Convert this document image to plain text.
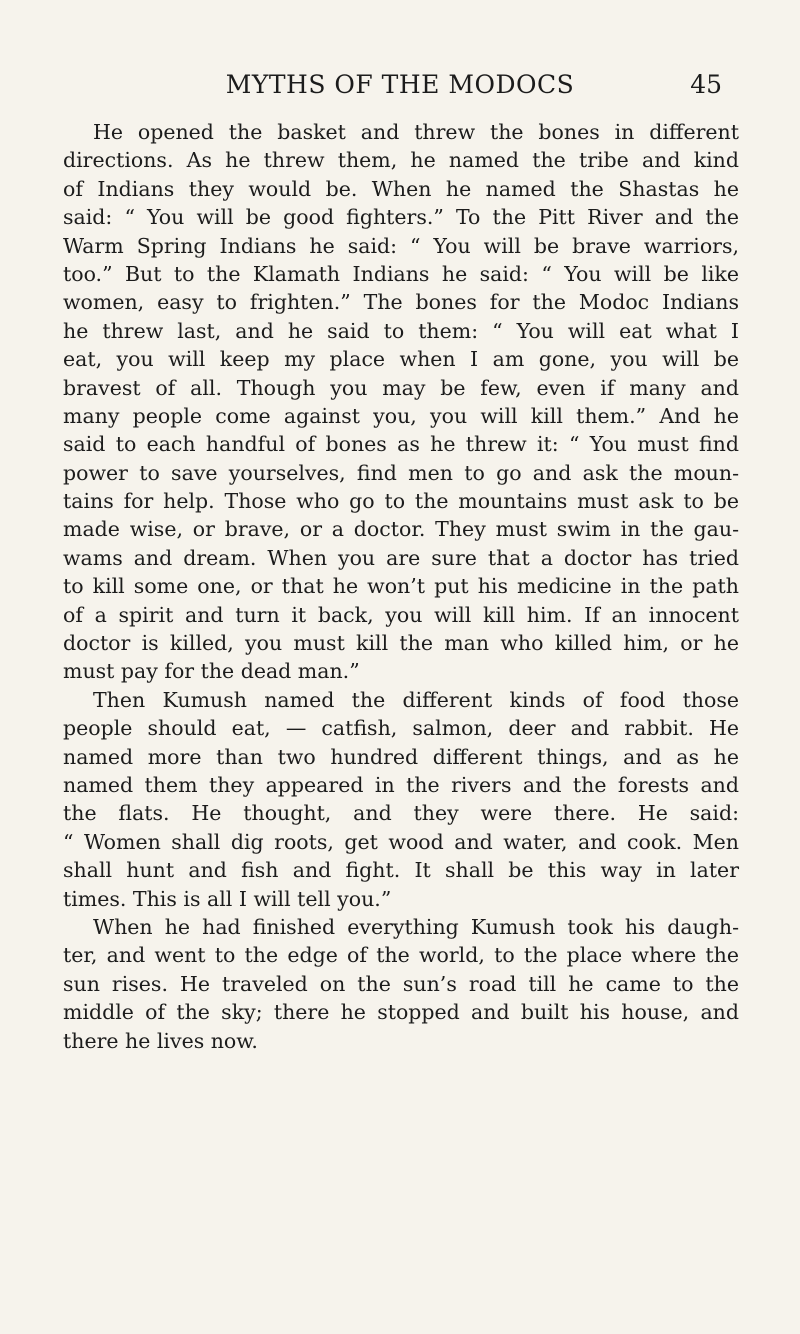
MYTHS OF THE MODOCS	45
He opened the basket and threw the bones in different
directions. As he threw them, he named the tribe and kind
of Indians they would be. When he named the Shastas he
said: “ You will be good fighters.” To the Pitt River and the
Warm Spring Indians he said: “ You will be brave warriors,
too.” But to the Klamath Indians he said: “ You will be like
women, easy to frighten.” The bones for the Modoc Indians
he threw last, and he said to them: “ You will eat what I
eat, you will keep my place when I am gone, you will be
bravest of all. Though you may be few, even if many and
many people come against you, you will kill them.” And he
said to each handful of bones as he threw it: “ You must find
power to save yourselves, find men to go and ask the moun-
tains for help. Those who go to the mountains must ask to be
made wise, or brave, or a doctor. They must swim in the gau-
wams and dream. When you are sure that a doctor has tried
to kill some one, or that he won’t put his medicine in the path
of a spirit and turn it back, you will kill him. If an innocent
doctor is killed, you must kill the man who killed him, or he
must pay for the dead man.”
Then Kumush named the different kinds of food those
people should eat, — catfish, salmon, deer and rabbit. He
named more than two hundred different things, and as he
named them they appeared in the rivers and the forests and
the flats. He thought, and they were there. He said:
“ Women shall dig roots, get wood and water, and cook. Men
shall hunt and fish and fight. It shall be this way in later
times. This is all I will tell you.”
When he had finished everything Kumush took his daugh-
ter, and went to the edge of the world, to the place where the
sun rises. He traveled on the sun’s road till he came to the
middle of the sky; there he stopped and built his house, and
there he lives now.
